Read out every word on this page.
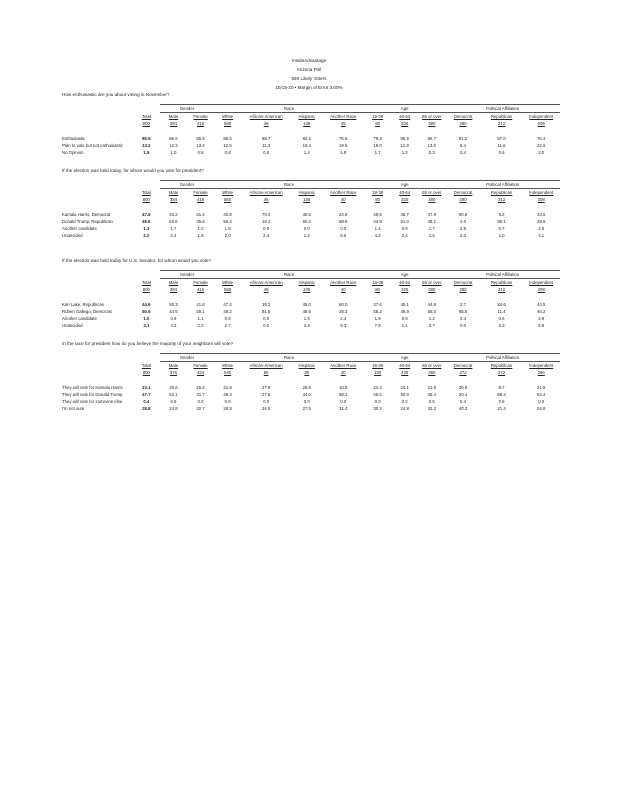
InsideAdvantage
Arizona Poll
550 Likely Voters
10/15-20 • Margin of Error 3.00%
How enthusiastic are you about voting in November?
		Gender		Race				Age			Political Affiliation		
	Total	Male	Female	White	African-American	Hispanic	Another Race	18-39	40-64	65 or over	Democrat	Republican	Independent
	800	384	416	560	46	138	45	80	330	390	280	312	208

Enthusiastic	85.5	86.6	85.9	86.6	88.7	82.2	75.5	79.3	85.9	86.7	91.2	87.0	75.4
Plan to vote but not enthusiastic	13.2	12.3	13.4	12.5	11.3	16.4	19.5	19.0	12.8	13.0	8.4	11.6	22.6
No Opinion	1.5	1.0	0.8	0.8	0.0	1.4	4.9	1.7	1.3	0.3	0.4	0.6	2.0
If the election was held today, for whom would you vote for president?
		Gender		Race				Age			Political Affiliation		
	Total	Male	Female	White	African-American	Hispanic	Another Race	18-39	40-64	65 or over	Democrat	Republican	Independent
	800	384	416	560	46	135	40	80	320	380	280	312	208

Kamala Harris, Democrat	47.6	43.2	51.4	40.8	79.4	49.6	24.8	49.5	45.7	47.8	90.8	8.2	43.5
Donald Trump, Republican	49.5	53.6	45.6	56.3	18.2	50.2	68.6	44.9	51.0	48.1	4.0	90.1	49.5
Another candidate	1.3	1.7	1.0	1.9	0.0	0.0	0.0	1.4	0.9	1.7	2.8	0.7	2.9
Undecided	2.2	2.4	1.8	2.0	2.4	1.2	6.6	4.2	2.4	1.6	2.0	1.0	4.1
If the election was held today for U.S. Senator, for whom would you vote?
		Gender		Race				Age			Political Affiliation		
	Total	Male	Female	White	African-American	Hispanic	Another Race	18-39	40-64	65 or over	Democrat	Republican	Independent
	800	384	416	560	46	135	40	80	320	380	280	312	208

Kari Lake, Republican	44.6	50.3	41.8	47.2	19.2	45.0	60.0	37.6	45.1	44.8	3.7	84.6	44.5
Ruben Gallego, Democrat	50.6	44.5	55.1	48.2	81.5	48.5	28.3	58.2	48.9	56.0	95.8	11.4	46.2
Another candidate	1.0	0.9	1.1	0.9	0.0	1.9	2.4	1.9	0.9	1.2	0.4	0.6	2.9
Undecided	3.1	4.3	2.0	2.7	0.0	3.4	9.3	7.9	1.1	3.7	0.0	3.3	6.9
In the race for president how do you believe the majority of your neighbors will vote?
		Gender		Race				Age			Political Affiliation		
	Total	Male	Female	White	African-American	Hispanic	Another Race	18-39	40-64	65 or over	Democrat	Republican	Independent
	800	376	424	540	86	30	40	130	430	360	272	272	256

They will vote for Kamala Harris	23.1	20.6	25.4	21.8	37.9	28.5	10.5	24.3	24.1	21.9	30.9	9.7	21.5
They will vote for Donald Trump	47.7	54.1	41.7	48.3	27.6	44.0	58.1	45.5	50.8	45.4	20.4	68.3	53.4
They will vote for someone else	0.4	0.5	0.2	0.5	0.0	0.0	0.0	0.0	0.2	0.5	0.4	0.5	0.0
I'm not sure	28.8	24.8	32.7	28.8	34.5	27.5	31.4	30.2	24.8	32.2	40.3	21.4	24.8
